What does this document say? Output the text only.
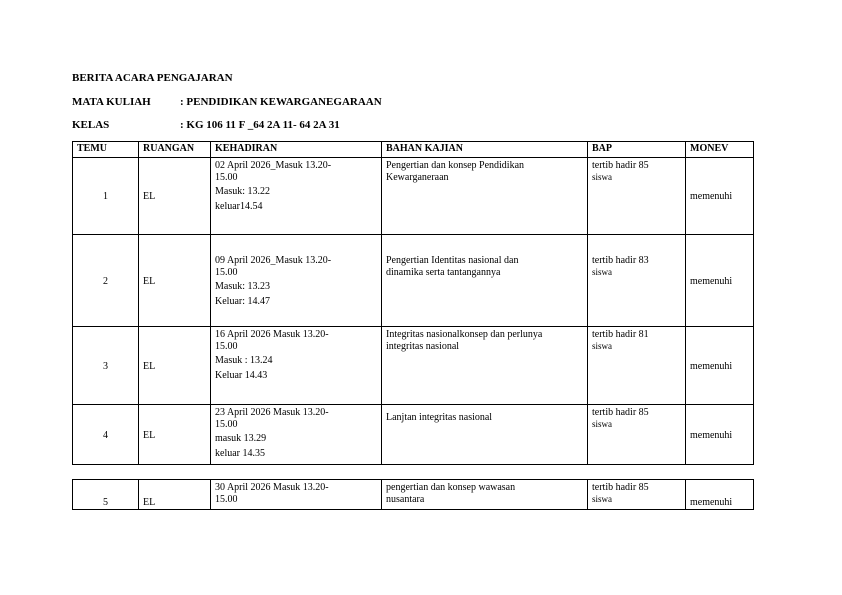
BERITA ACARA PENGAJARAN
MATA KULIAH	: PENDIDIKAN KEWARGANEGARAAN
KELAS	: KG 106 11 F _64 2A 11- 64 2A 31
TEMU	RUANGAN	KEHADIRAN	BAHAN KAJIAN	BAP	MONEV
1	EL	02 April 2026_Masuk 13.20-
15.00
Masuk: 13.22
keluar14.54	Pengertian dan konsep Pendidikan
Kewarganeraan	tertib hadir 85
siswa	memenuhi
2	EL	09 April 2026_Masuk 13.20-
15.00
Masuk: 13.23
Keluar: 14.47	Pengertian Identitas nasional dan
dinamika serta tantangannya	tertib hadir 83
siswa	memenuhi
3	EL	16 April 2026 Masuk 13.20-
15.00
Masuk : 13.24
Keluar 14.43	Integritas nasionalkonsep dan perlunya
integritas nasional	tertib hadir 81
siswa	memenuhi
4	EL	23 April 2026 Masuk 13.20-
15.00
masuk 13.29
keluar 14.35	Lanjtan integritas nasional	tertib hadir 85
siswa	memenuhi

5	EL	30 April 2026 Masuk 13.20-
15.00	pengertian dan konsep wawasan
nusantara	tertib hadir 85
siswa	memenuhi
